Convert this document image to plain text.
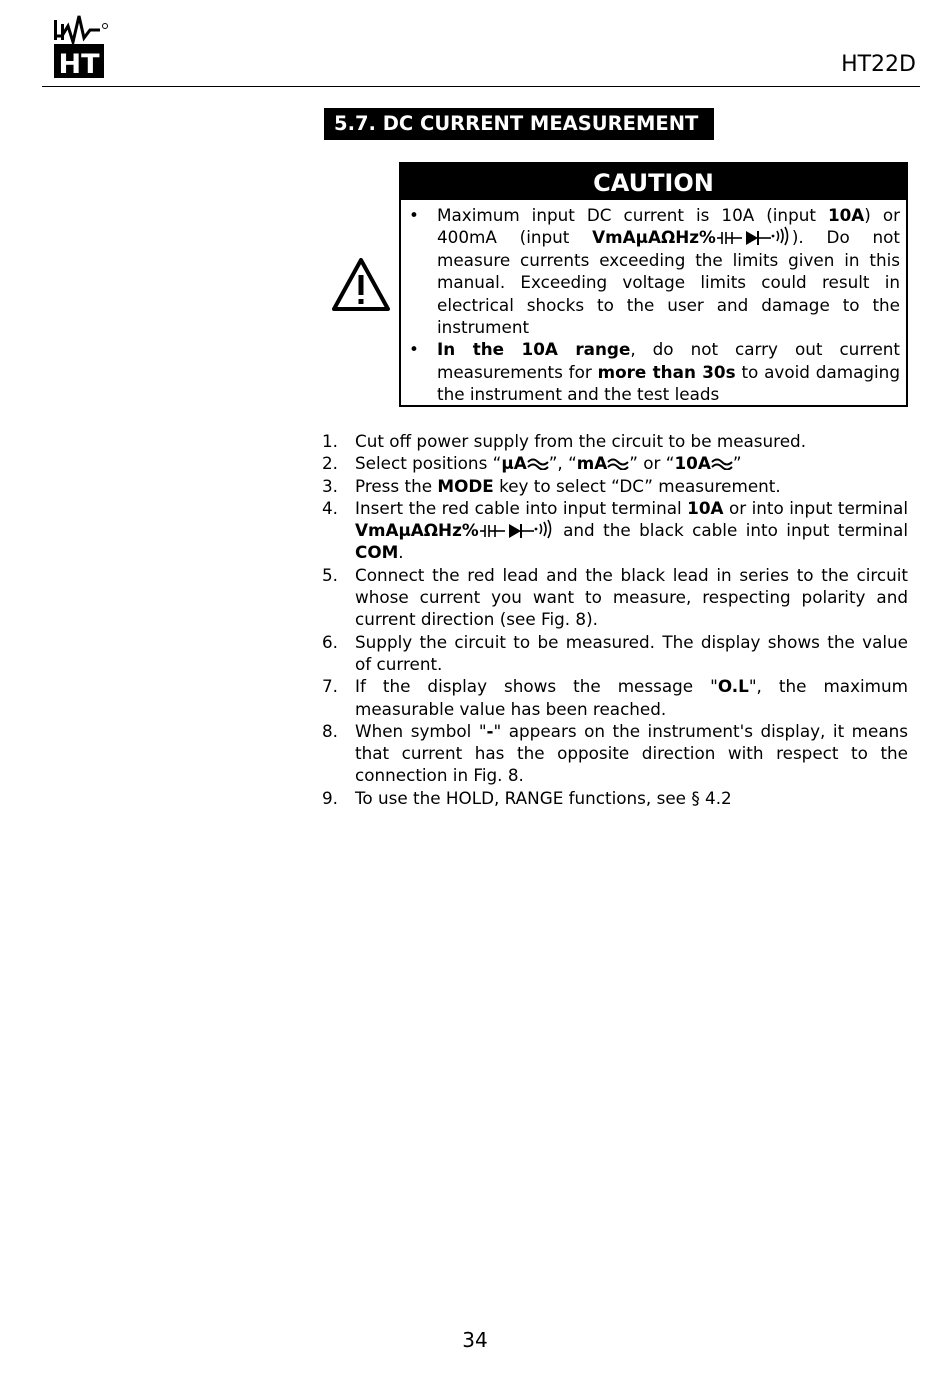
HT	HT22D
5.7. DC CURRENT MEASUREMENT
CAUTION
• Maximum input DC current is 10A (input 10A) or 400mA (input VmAµAΩHz%	). Do not measure currents exceeding the limits given in this manual. Exceeding voltage limits could result in electrical shocks to the user and damage to the instrument
• In the 10A range, do not carry out current measurements for more than 30s to avoid damaging the instrument and the test leads
1. Cut off power supply from the circuit to be measured.
2. Select positions “µA ”, “mA ” or “10A ”
3. Press the MODE key to select “DC” measurement.
4. Insert the red cable into input terminal 10A or into input terminal VmAµAΩHz%	and the black cable into input terminal COM.
5. Connect the red lead and the black lead in series to the circuit whose current you want to measure, respecting polarity and current direction (see Fig. 8).
6. Supply the circuit to be measured. The display shows the value of current.
7. If the display shows the message "O.L", the maximum measurable value has been reached.
8. When symbol "-" appears on the instrument's display, it means that current has the opposite direction with respect to the connection in Fig. 8.
9. To use the HOLD, RANGE functions, see § 4.2
34
